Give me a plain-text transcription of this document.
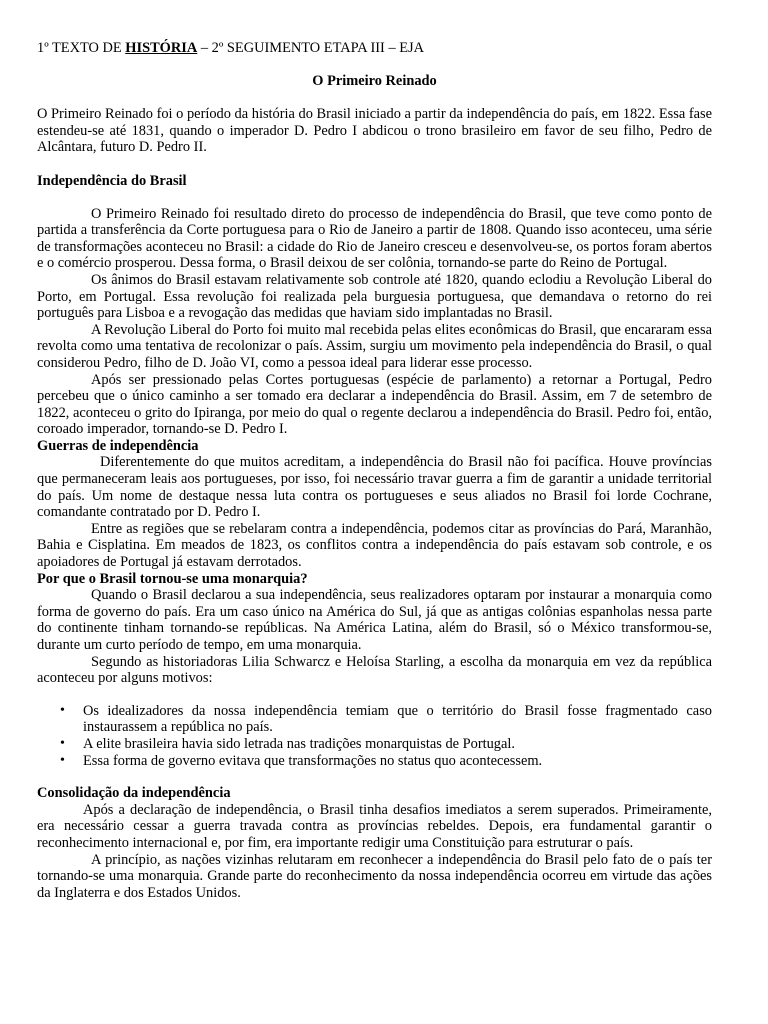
1º TEXTO DE HISTÓRIA – 2º SEGUIMENTO ETAPA III – EJA

O Primeiro Reinado

O Primeiro Reinado foi o período da história do Brasil iniciado a partir da independência do país, em 1822. Essa fase estendeu-se até 1831, quando o imperador D. Pedro I abdicou o trono brasileiro em favor de seu filho, Pedro de Alcântara, futuro D. Pedro II.

Independência do Brasil

O Primeiro Reinado foi resultado direto do processo de independência do Brasil, que teve como ponto de partida a transferência da Corte portuguesa para o Rio de Janeiro a partir de 1808. Quando isso aconteceu, uma série de transformações aconteceu no Brasil: a cidade do Rio de Janeiro cresceu e desenvolveu-se, os portos foram abertos e o comércio prosperou. Dessa forma, o Brasil deixou de ser colônia, tornando-se parte do Reino de Portugal.

Os ânimos do Brasil estavam relativamente sob controle até 1820, quando eclodiu a Revolução Liberal do Porto, em Portugal. Essa revolução foi realizada pela burguesia portuguesa, que demandava o retorno do rei português para Lisboa e a revogação das medidas que haviam sido implantadas no Brasil.

A Revolução Liberal do Porto foi muito mal recebida pelas elites econômicas do Brasil, que encararam essa revolta como uma tentativa de recolonizar o país. Assim, surgiu um movimento pela independência do Brasil, o qual considerou Pedro, filho de D. João VI, como a pessoa ideal para liderar esse processo.

Após ser pressionado pelas Cortes portuguesas (espécie de parlamento) a retornar a Portugal, Pedro percebeu que o único caminho a ser tomado era declarar a independência do Brasil. Assim, em 7 de setembro de 1822, aconteceu o grito do Ipiranga, por meio do qual o regente declarou a independência do Brasil. Pedro foi, então, coroado imperador, tornando-se D. Pedro I.

Guerras de independência

Diferentemente do que muitos acreditam, a independência do Brasil não foi pacífica. Houve províncias que permaneceram leais aos portugueses, por isso, foi necessário travar guerra a fim de garantir a unidade territorial do país. Um nome de destaque nessa luta contra os portugueses e seus aliados no Brasil foi lorde Cochrane, comandante contratado por D. Pedro I.

Entre as regiões que se rebelaram contra a independência, podemos citar as províncias do Pará, Maranhão, Bahia e Cisplatina. Em meados de 1823, os conflitos contra a independência do país estavam sob controle, e os apoiadores de Portugal já estavam derrotados.

Por que o Brasil tornou-se uma monarquia?

Quando o Brasil declarou a sua independência, seus realizadores optaram por instaurar a monarquia como forma de governo do país. Era um caso único na América do Sul, já que as antigas colônias espanholas nessa parte do continente tinham tornando-se repúblicas. Na América Latina, além do Brasil, só o México transformou-se, durante um curto período de tempo, em uma monarquia.

Segundo as historiadoras Lilia Schwarcz e Heloísa Starling, a escolha da monarquia em vez da república aconteceu por alguns motivos:

• Os idealizadores da nossa independência temiam que o território do Brasil fosse fragmentado caso instaurassem a república no país.
• A elite brasileira havia sido letrada nas tradições monarquistas de Portugal.
• Essa forma de governo evitava que transformações no status quo acontecessem.
Consolidação da independência

Após a declaração de independência, o Brasil tinha desafios imediatos a serem superados. Primeiramente, era necessário cessar a guerra travada contra as províncias rebeldes. Depois, era fundamental garantir o reconhecimento internacional e, por fim, era importante redigir uma Constituição para estruturar o país.

A princípio, as nações vizinhas relutaram em reconhecer a independência do Brasil pelo fato de o país ter tornando-se uma monarquia. Grande parte do reconhecimento da nossa independência ocorreu em virtude das ações da Inglaterra e dos Estados Unidos.
